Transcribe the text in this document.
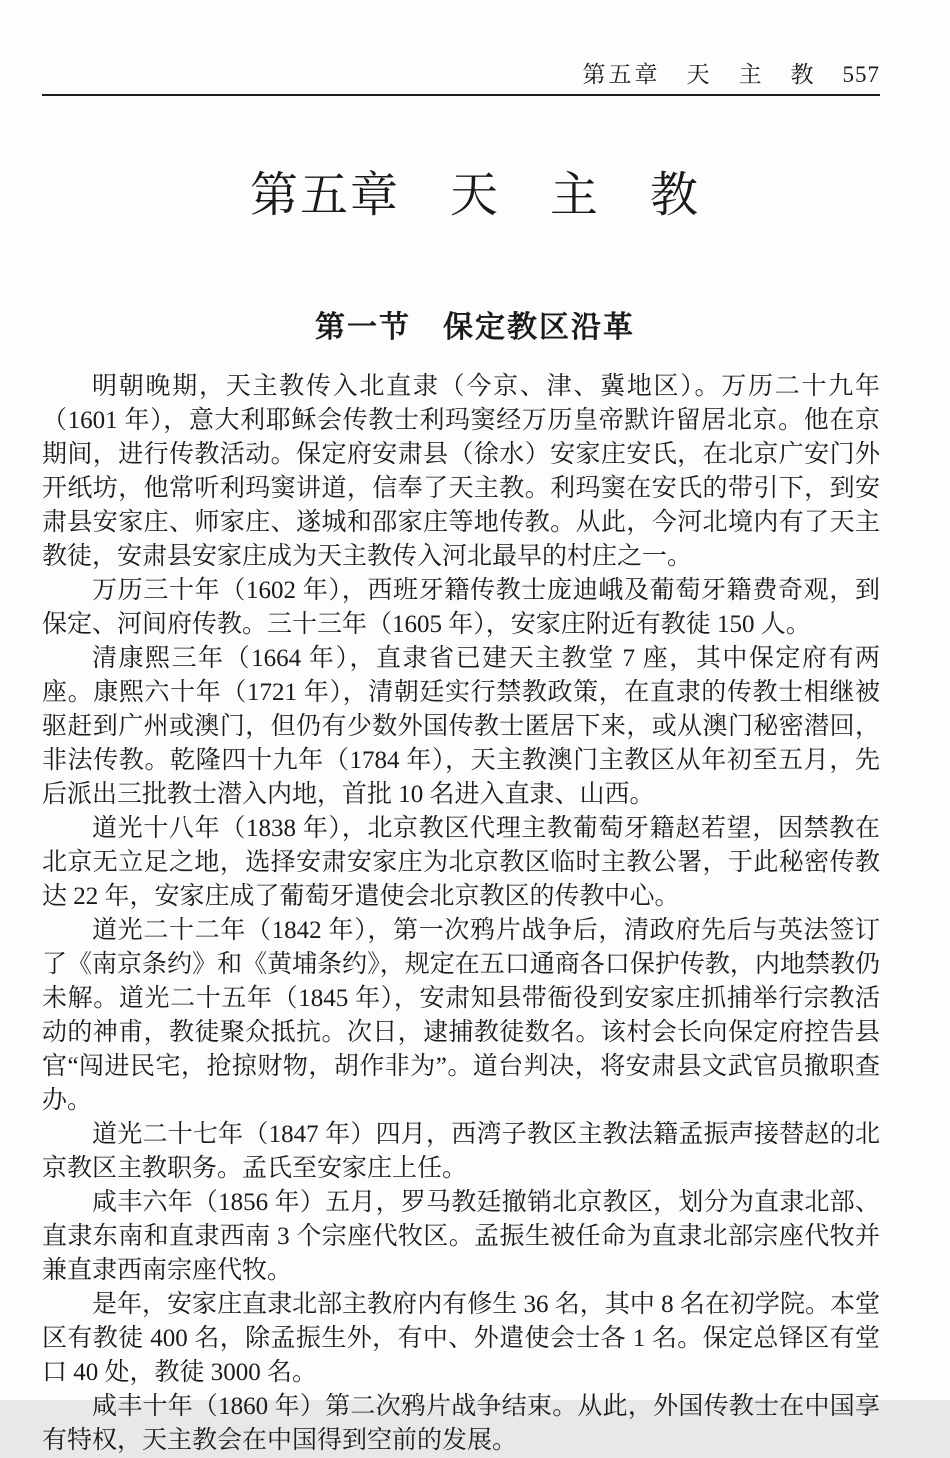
第五章　天　主　教 557
第五章　天　主　教
第一节　保定教区沿革

明朝晚期，天主教传入北直隶（今京、津、冀地区）。万历二十九年（1601 年），意大利耶稣会传教士利玛窦经万历皇帝默许留居北京。他在京期间，进行传教活动。保定府安肃县（徐水）安家庄安氏，在北京广安门外开纸坊，他常听利玛窦讲道，信奉了天主教。利玛窦在安氏的带引下，到安肃县安家庄、师家庄、遂城和邵家庄等地传教。从此，今河北境内有了天主教徒，安肃县安家庄成为天主教传入河北最早的村庄之一。

万历三十年（1602 年），西班牙籍传教士庞迪峨及葡萄牙籍费奇观，到保定、河间府传教。三十三年（1605 年），安家庄附近有教徒 150 人。

清康熙三年（1664 年），直隶省已建天主教堂 7 座，其中保定府有两座。康熙六十年（1721 年），清朝廷实行禁教政策，在直隶的传教士相继被驱赶到广州或澳门，但仍有少数外国传教士匿居下来，或从澳门秘密潜回，非法传教。乾隆四十九年（1784 年），天主教澳门主教区从年初至五月，先后派出三批教士潜入内地，首批 10 名进入直隶、山西。

道光十八年（1838 年），北京教区代理主教葡萄牙籍赵若望，因禁教在北京无立足之地，选择安肃安家庄为北京教区临时主教公署，于此秘密传教达 22 年，安家庄成了葡萄牙遣使会北京教区的传教中心。

道光二十二年（1842 年），第一次鸦片战争后，清政府先后与英法签订了《南京条约》和《黄埔条约》，规定在五口通商各口保护传教，内地禁教仍未解。道光二十五年（1845 年），安肃知县带衙役到安家庄抓捕举行宗教活动的神甫，教徒聚众抵抗。次日，逮捕教徒数名。该村会长向保定府控告县官“闯进民宅，抢掠财物，胡作非为”。道台判决，将安肃县文武官员撤职查办。

道光二十七年（1847 年）四月，西湾子教区主教法籍孟振声接替赵的北京教区主教职务。孟氏至安家庄上任。

咸丰六年（1856 年）五月，罗马教廷撤销北京教区，划分为直隶北部、直隶东南和直隶西南 3 个宗座代牧区。孟振生被任命为直隶北部宗座代牧并兼直隶西南宗座代牧。

是年，安家庄直隶北部主教府内有修生 36 名，其中 8 名在初学院。本堂区有教徒 400 名，除孟振生外，有中、外遣使会士各 1 名。保定总铎区有堂口 40 处，教徒 3000 名。

咸丰十年（1860 年）第二次鸦片战争结束。从此，外国传教士在中国享有特权，天主教会在中国得到空前的发展。
